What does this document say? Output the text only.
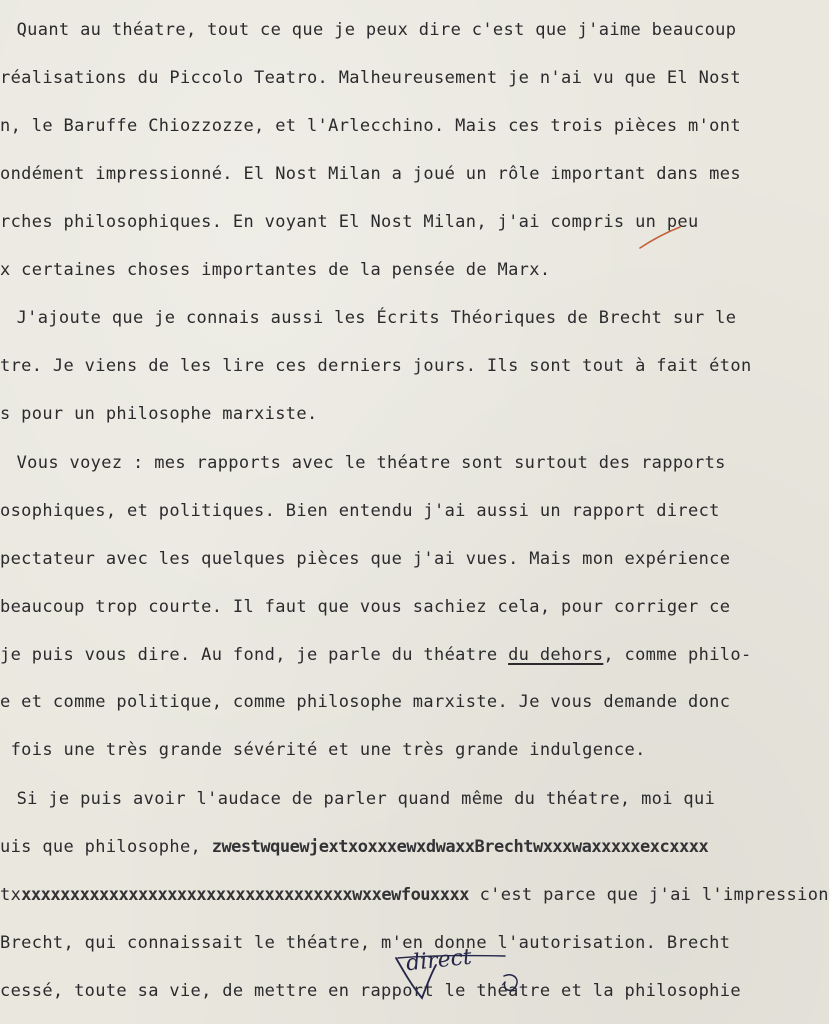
Quant au théatre, tout ce que je peux dire c'est que j'aime beaucoup
réalisations du Piccolo Teatro. Malheureusement je n'ai vu que El Nost
n, le Baruffe Chiozzozze, et l'Arlecchino. Mais ces trois pièces m'ont
ondément impressionné. El Nost Milan a joué un rôle important dans mes
rches philosophiques. En voyant El Nost Milan, j'ai compris un peu
x certaines choses importantes de la pensée de Marx.
J'ajoute que je connais aussi les Écrits Théoriques de Brecht sur le
tre. Je viens de les lire ces derniers jours. Ils sont tout à fait éton
s pour un philosophe marxiste.
Vous voyez : mes rapports avec le théatre sont surtout des rapports
osophiques, et politiques. Bien entendu j'ai aussi un rapport direct
pectateur avec les quelques pièces que j'ai vues. Mais mon expérience
beaucoup trop courte. Il faut que vous sachiez cela, pour corriger ce
je puis vous dire. Au fond, je parle du théatre du dehors, comme philo-
e et comme politique, comme philosophe marxiste. Je vous demande donc
fois une très grande sévérité et une très grande indulgence.
Si je puis avoir l'audace de parler quand même du théatre, moi qui
uis que philosophe, zwestwquewjextxoxxxewxdwaxxBrechtwxxxwaxxxxxexcxxxx
txxxxxxxxxxxxxxxxxxxxxxxxxxxxxxxxxxxwxxewfouxxxx c'est parce que j'ai l'impression
Brecht, qui connaissait le théatre, m'en donne l'autorisation. Brecht
cessé, toute sa vie, de mettre en rapport le théatre et la philosophie
direct
